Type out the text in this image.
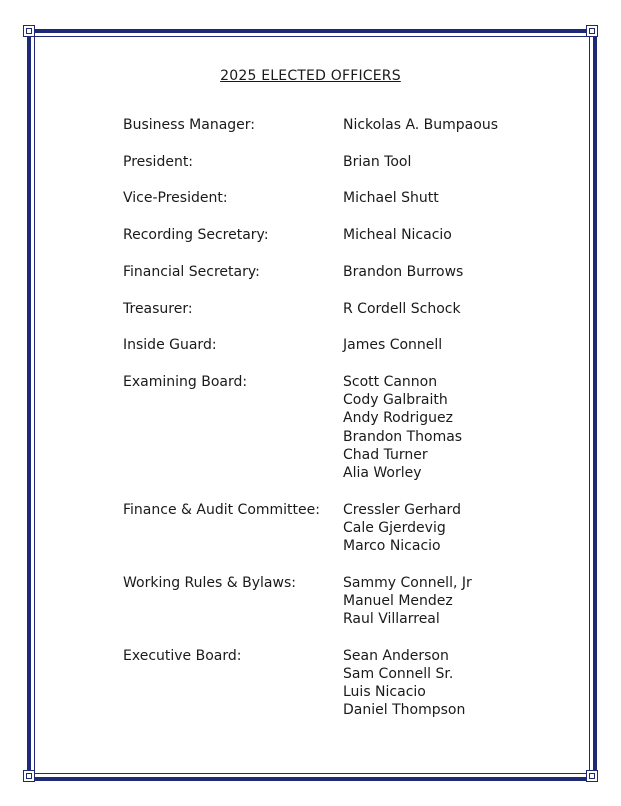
2025 ELECTED OFFICERS
Business Manager:	Nickolas A. Bumpaous
President:	Brian Tool
Vice-President:	Michael Shutt
Recording Secretary:	Micheal Nicacio
Financial Secretary:	Brandon Burrows
Treasurer:	R Cordell Schock
Inside Guard:	James Connell
Examining Board:	Scott Cannon
Cody Galbraith
Andy Rodriguez
Brandon Thomas
Chad Turner
Alia Worley
Finance & Audit Committee:	Cressler Gerhard
Cale Gjerdevig
Marco Nicacio
Working Rules & Bylaws:	Sammy Connell, Jr
Manuel Mendez
Raul Villarreal
Executive Board:	Sean Anderson
Sam Connell Sr.
Luis Nicacio
Daniel Thompson
